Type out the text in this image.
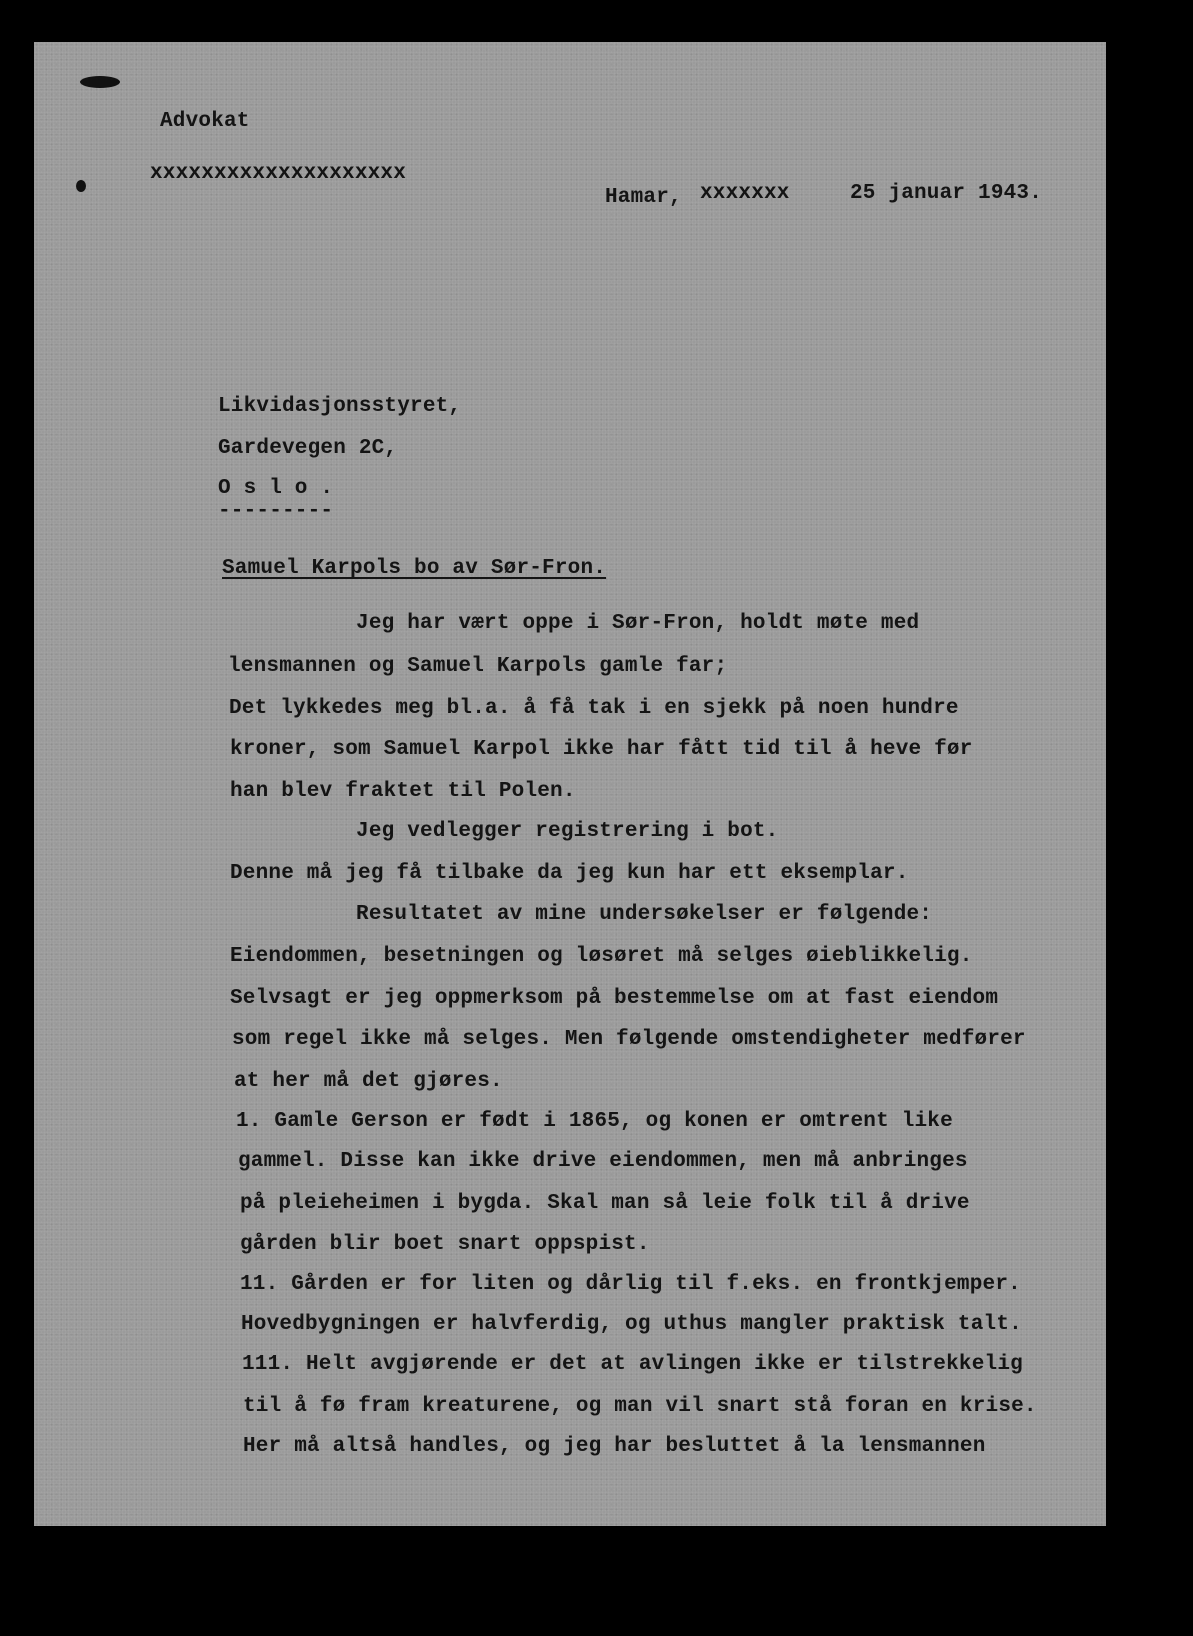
Advokat
xxxxxxxxxxxxxxxxxxxx
Hamar, xxxxxxx	25 januar 1943.
Likvidasjonsstyret,
Gardevegen 2C,
O s l o .
---------
Samuel Karpols bo av Sør-Fron.
Jeg har vært oppe i Sør-Fron, holdt møte med
lensmannen og Samuel Karpols gamle far;
Det lykkedes meg bl.a. å få tak i en sjekk på noen hundre
kroner, som Samuel Karpol ikke har fått tid til å heve før
han blev fraktet til Polen.
Jeg vedlegger registrering i bot.
Denne må jeg få tilbake da jeg kun har ett eksemplar.
Resultatet av mine undersøkelser er følgende:
Eiendommen, besetningen og løsøret må selges øieblikkelig.
Selvsagt er jeg oppmerksom på bestemmelse om at fast eiendom
som regel ikke må selges. Men følgende omstendigheter medfører
at her må det gjøres.
1. Gamle Gerson er født i 1865, og konen er omtrent like
gammel. Disse kan ikke drive eiendommen, men må anbringes
på pleieheimen i bygda. Skal man så leie folk til å drive
gården blir boet snart oppspist.
11. Gården er for liten og dårlig til f.eks. en frontkjemper.
Hovedbygningen er halvferdig, og uthus mangler praktisk talt.
111. Helt avgjørende er det at avlingen ikke er tilstrekkelig
til å fø fram kreaturene, og man vil snart stå foran en krise.
Her må altså handles, og jeg har besluttet å la lensmannen
